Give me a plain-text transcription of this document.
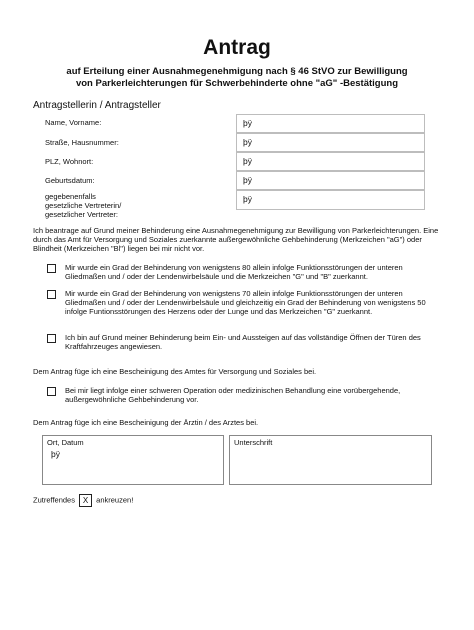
Antrag
auf Erteilung einer Ausnahmegenehmigung nach § 46 StVO zur Bewilligung
von Parkerleichterungen für Schwerbehinderte ohne "aG" -Bestätigung
Antragstellerin / Antragsteller
Name, Vorname:	þÿ
Straße, Hausnummer:	þÿ
PLZ, Wohnort:	þÿ
Geburtsdatum:	þÿ
gegebenenfalls
gesetzliche Vertreterin/
gesetzlicher Vertreter:
þÿ
Ich beantrage auf Grund meiner Behinderung eine Ausnahmegenehmigung zur Bewilligung von Parkerleichterungen. Eine durch das Amt für Versorgung und Soziales zuerkannte außergewöhnliche Gehbehinderung (Merkzeichen "aG") oder Blindheit (Merkzeichen "Bl") liegen bei mir nicht vor.
Mir wurde ein Grad der Behinderung von wenigstens 80 allein infolge Funktionsstörungen der unteren Gliedmaßen und / oder der Lendenwirbelsäule und die Merkzeichen "G" und "B" zuerkannt.
Mir wurde ein Grad der Behinderung von wenigstens 70 allein infolge Funktionsstörungen der unteren Gliedmaßen und / oder der Lendenwirbelsäule und gleichzeitig ein Grad der Behinderung von wenigstens 50 infolge Funtionsstörungen des Herzens oder der Lunge und das Merkzeichen "G" zuerkannt.
Ich bin auf Grund meiner Behinderung beim Ein- und Aussteigen auf das vollständige Öffnen der Türen des Kraftfahrzeuges angewiesen.
Dem Antrag füge ich eine Bescheinigung des Amtes für Versorgung und Soziales bei.
Bei mir liegt infolge einer schweren Operation oder medizinischen Behandlung eine vorübergehende, außergewöhnliche Gehbehinderung vor.
Dem Antrag füge ich eine Bescheinigung der Ärztin / des Arztes bei.
Ort, Datum
þÿ
Unterschrift
Zutreffendes X ankreuzen!
